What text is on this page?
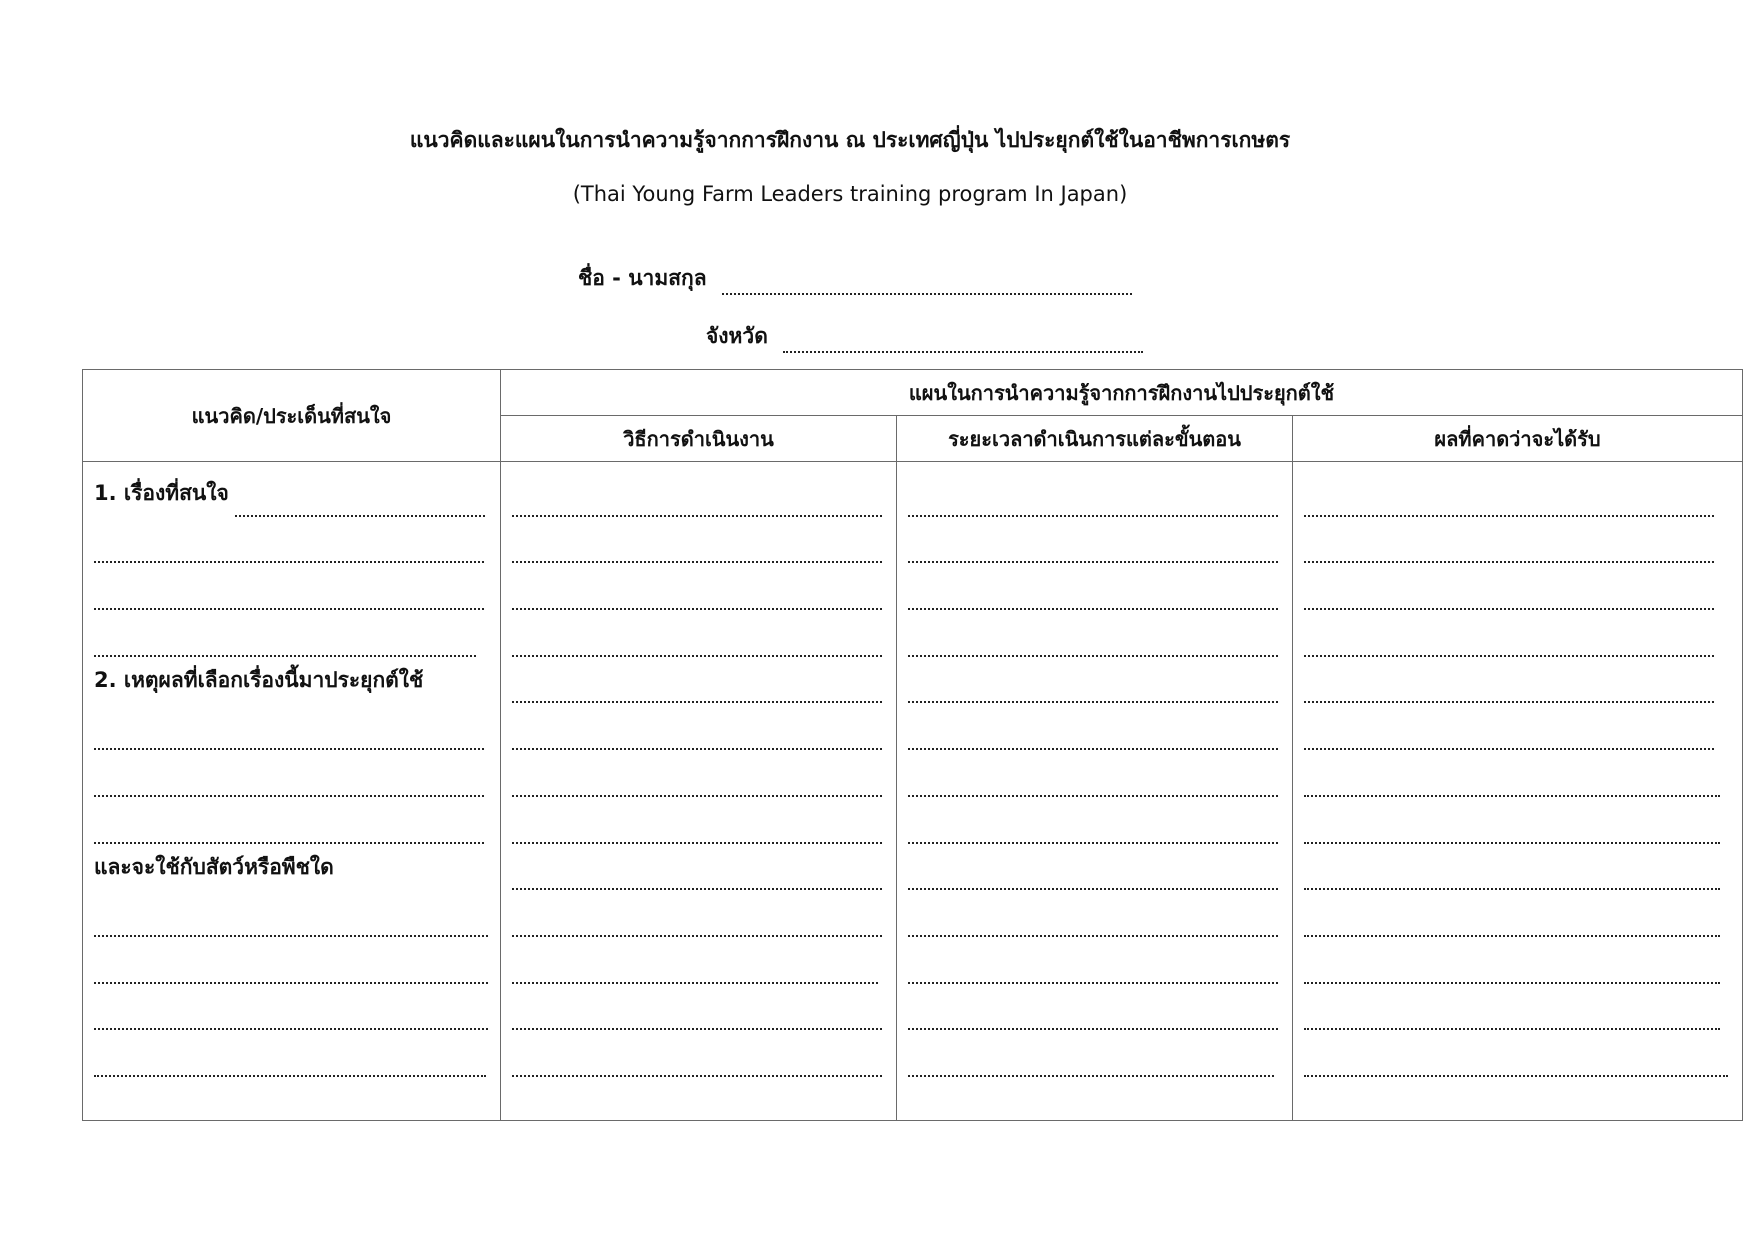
แนวคิดและแผนในการนำความรู้จากการฝึกงาน ณ ประเทศญี่ปุ่น ไปประยุกต์ใช้ในอาชีพการเกษตร
(Thai Young Farm Leaders training program In Japan)
ชื่อ - นามสกุล
จังหวัด
แนวคิด/ประเด็นที่สนใจ	แผนในการนำความรู้จากการฝึกงานไปประยุกต์ใช้		
	วิธีการดำเนินงาน	ระยะเวลาดำเนินการแต่ละขั้นตอน	ผลที่คาดว่าจะได้รับ

1. เรื่องที่สนใจ
2. เหตุผลที่เลือกเรื่องนี้มาประยุกต์ใช้
และจะใช้กับสัตว์หรือพืชใด			
